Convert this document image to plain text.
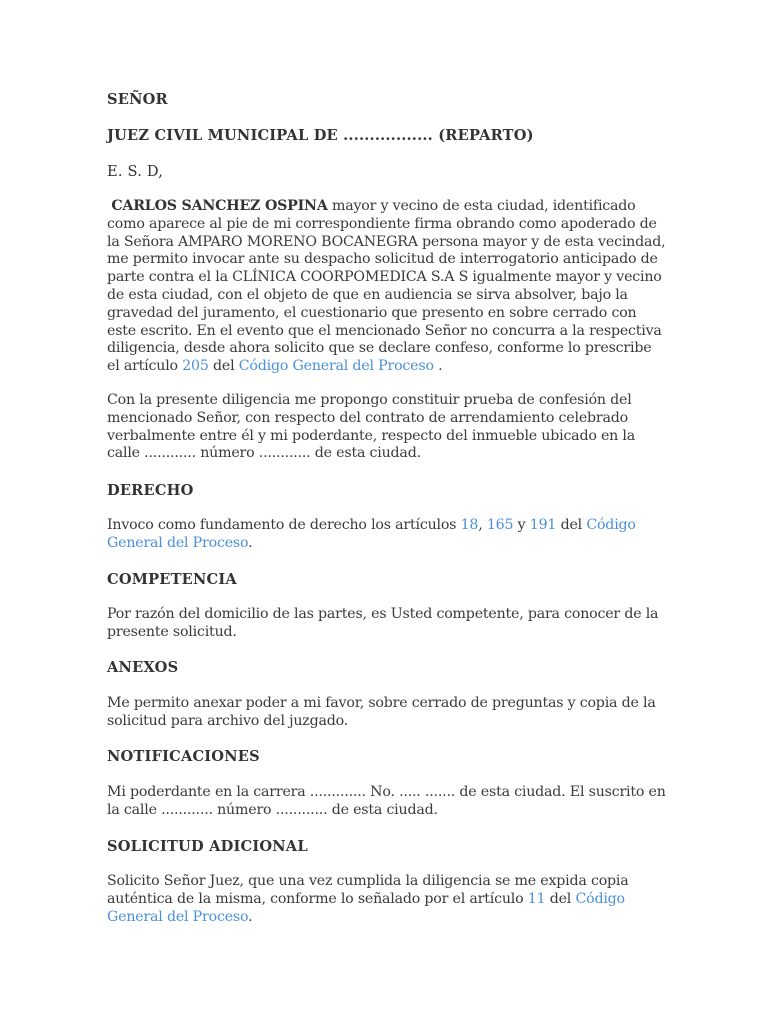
SEÑOR
JUEZ CIVIL MUNICIPAL DE ................. (REPARTO)
E. S. D,

CARLOS SANCHEZ OSPINA mayor y vecino de esta ciudad, identificado como aparece al pie de mi correspondiente firma obrando como apoderado de la Señora AMPARO MORENO BOCANEGRA persona mayor y de esta vecindad, me permito invocar ante su despacho solicitud de interrogatorio anticipado de parte contra el la CLÍNICA COORPOMEDICA S.A S igualmente mayor y vecino de esta ciudad, con el objeto de que en audiencia se sirva absolver, bajo la gravedad del juramento, el cuestionario que presento en sobre cerrado con este escrito. En el evento que el mencionado Señor no concurra a la respectiva diligencia, desde ahora solicito que se declare confeso, conforme lo prescribe el artículo 205 del Código General del Proceso .

Con la presente diligencia me propongo constituir prueba de confesión del mencionado Señor, con respecto del contrato de arrendamiento celebrado verbalmente entre él y mi poderdante, respecto del inmueble ubicado en la calle ............ número ............ de esta ciudad.

DERECHO

Invoco como fundamento de derecho los artículos 18, 165 y 191 del Código General del Proceso.

COMPETENCIA

Por razón del domicilio de las partes, es Usted competente, para conocer de la presente solicitud.

ANEXOS

Me permito anexar poder a mi favor, sobre cerrado de preguntas y copia de la solicitud para archivo del juzgado.

NOTIFICACIONES

Mi poderdante en la carrera ............. No. ..... ....... de esta ciudad. El suscrito en la calle ............ número ............ de esta ciudad.

SOLICITUD ADICIONAL

Solicito Señor Juez, que una vez cumplida la diligencia se me expida copia auténtica de la misma, conforme lo señalado por el artículo 11 del Código General del Proceso.
